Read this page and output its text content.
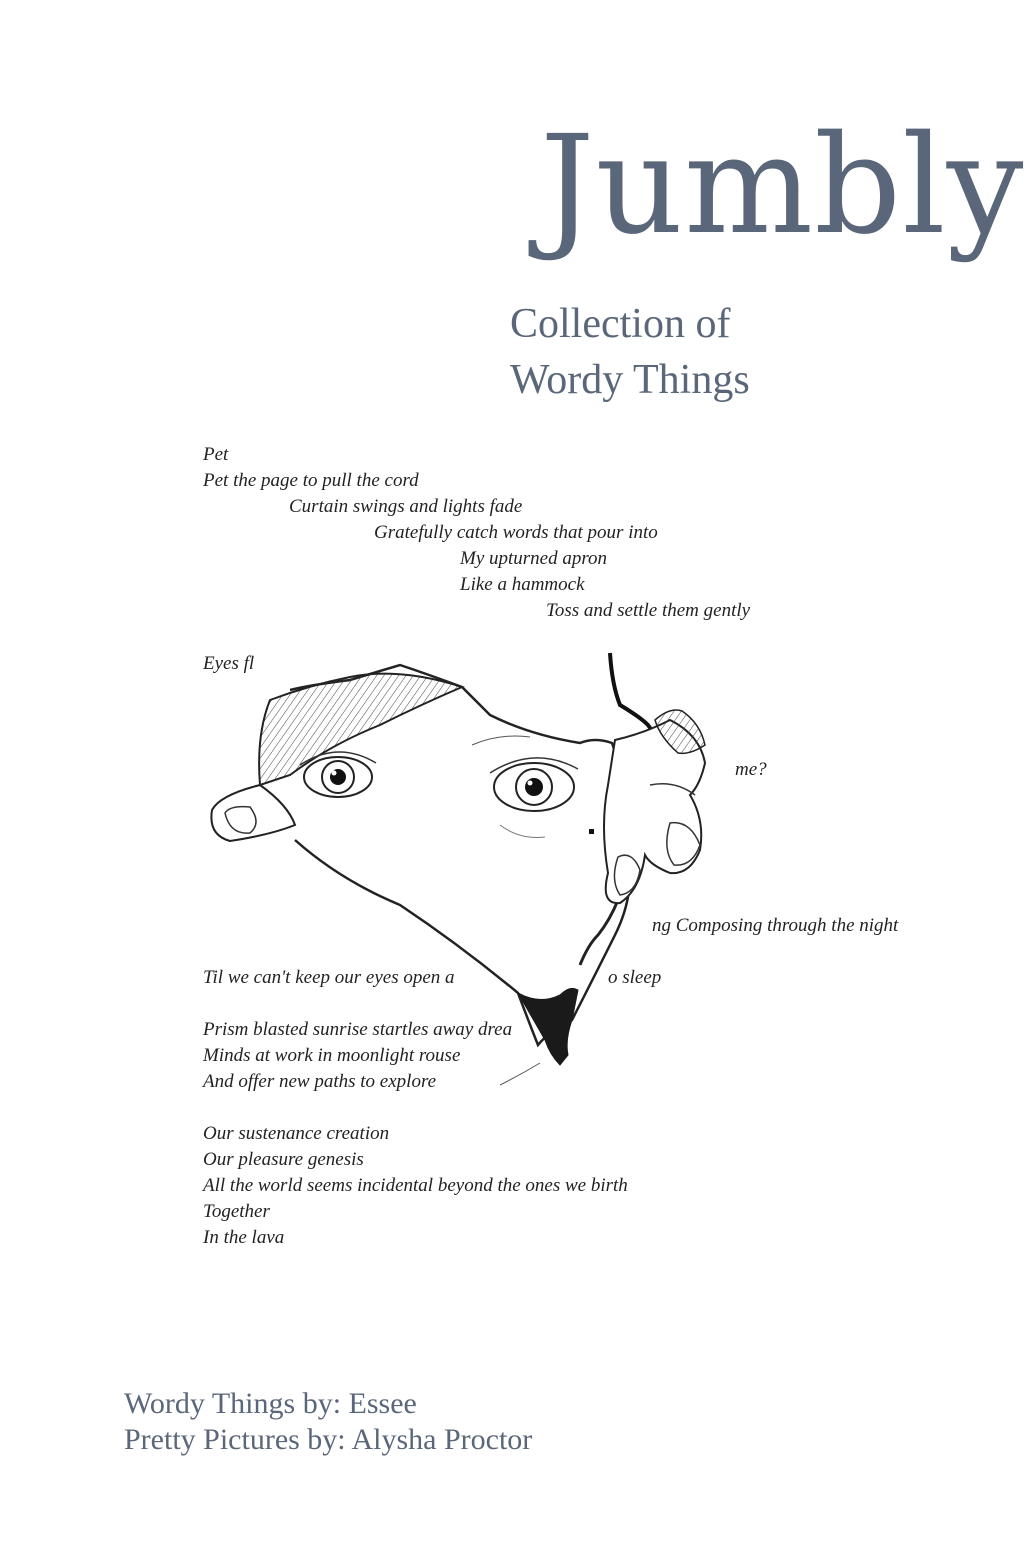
Jumbly
Collection of
Wordy Things
Pet
Pet the page to pull the cord
Curtain swings and lights fade
Gratefully catch words that pour into
My upturned apron
Like a hammock
Toss and settle them gently
Eyes fl
me?
ng Composing through the night
Til we can't keep our eyes open a	o sleep
Prism blasted sunrise startles away drea
Minds at work in moonlight rouse
And offer new paths to explore
Our sustenance creation
Our pleasure genesis
All the world seems incidental beyond the ones we birth
Together
In the lava
Wordy Things by: Essee
Pretty Pictures by: Alysha Proctor
